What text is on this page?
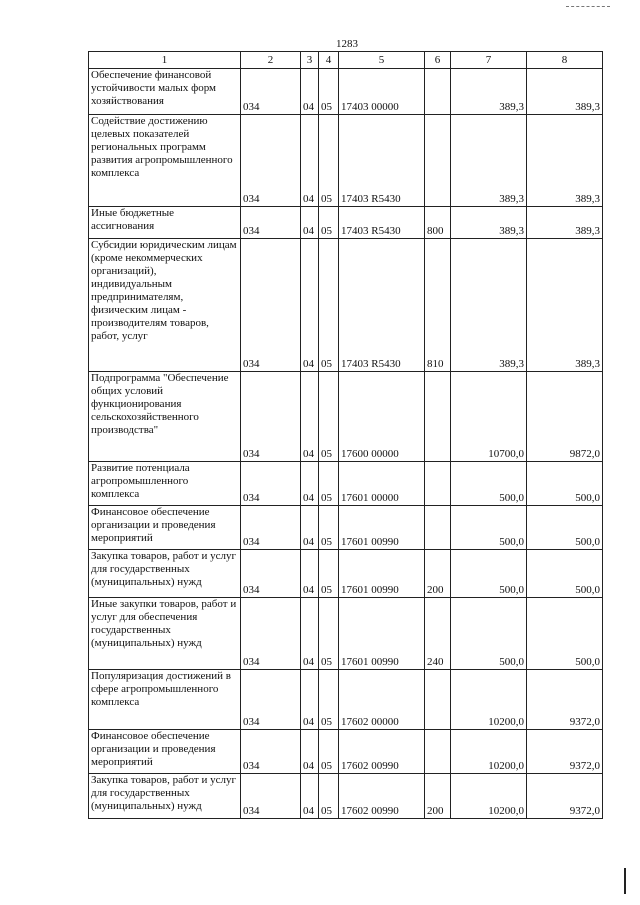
1283
1	2	3	4	5	6	7	8
Обеспечение финансовой устойчивости малых форм хозяйствования	034	04	05	17403 00000		389,3	389,3
Содействие достижению целевых показателей региональных программ развития агропромышленного комплекса	034	04	05	17403 R5430		389,3	389,3
Иные бюджетные ассигнования	034	04	05	17403 R5430	800	389,3	389,3
Субсидии юридическим лицам (кроме некоммерческих организаций), индивидуальным предпринимателям, физическим лицам - производителям товаров, работ, услуг	034	04	05	17403 R5430	810	389,3	389,3
Подпрограмма "Обеспечение общих условий функционирования сельскохозяйственного производства"	034	04	05	17600 00000		10700,0	9872,0
Развитие потенциала агропромышленного комплекса	034	04	05	17601 00000		500,0	500,0
Финансовое обеспечение организации и проведения мероприятий	034	04	05	17601 00990		500,0	500,0
Закупка товаров, работ и услуг для государственных (муниципальных) нужд	034	04	05	17601 00990	200	500,0	500,0
Иные закупки товаров, работ и услуг для обеспечения государственных (муниципальных) нужд	034	04	05	17601 00990	240	500,0	500,0
Популяризация достижений в сфере агропромышленного комплекса	034	04	05	17602 00000		10200,0	9372,0
Финансовое обеспечение организации и проведения мероприятий	034	04	05	17602 00990		10200,0	9372,0
Закупка товаров, работ и услуг для государственных (муниципальных) нужд	034	04	05	17602 00990	200	10200,0	9372,0
